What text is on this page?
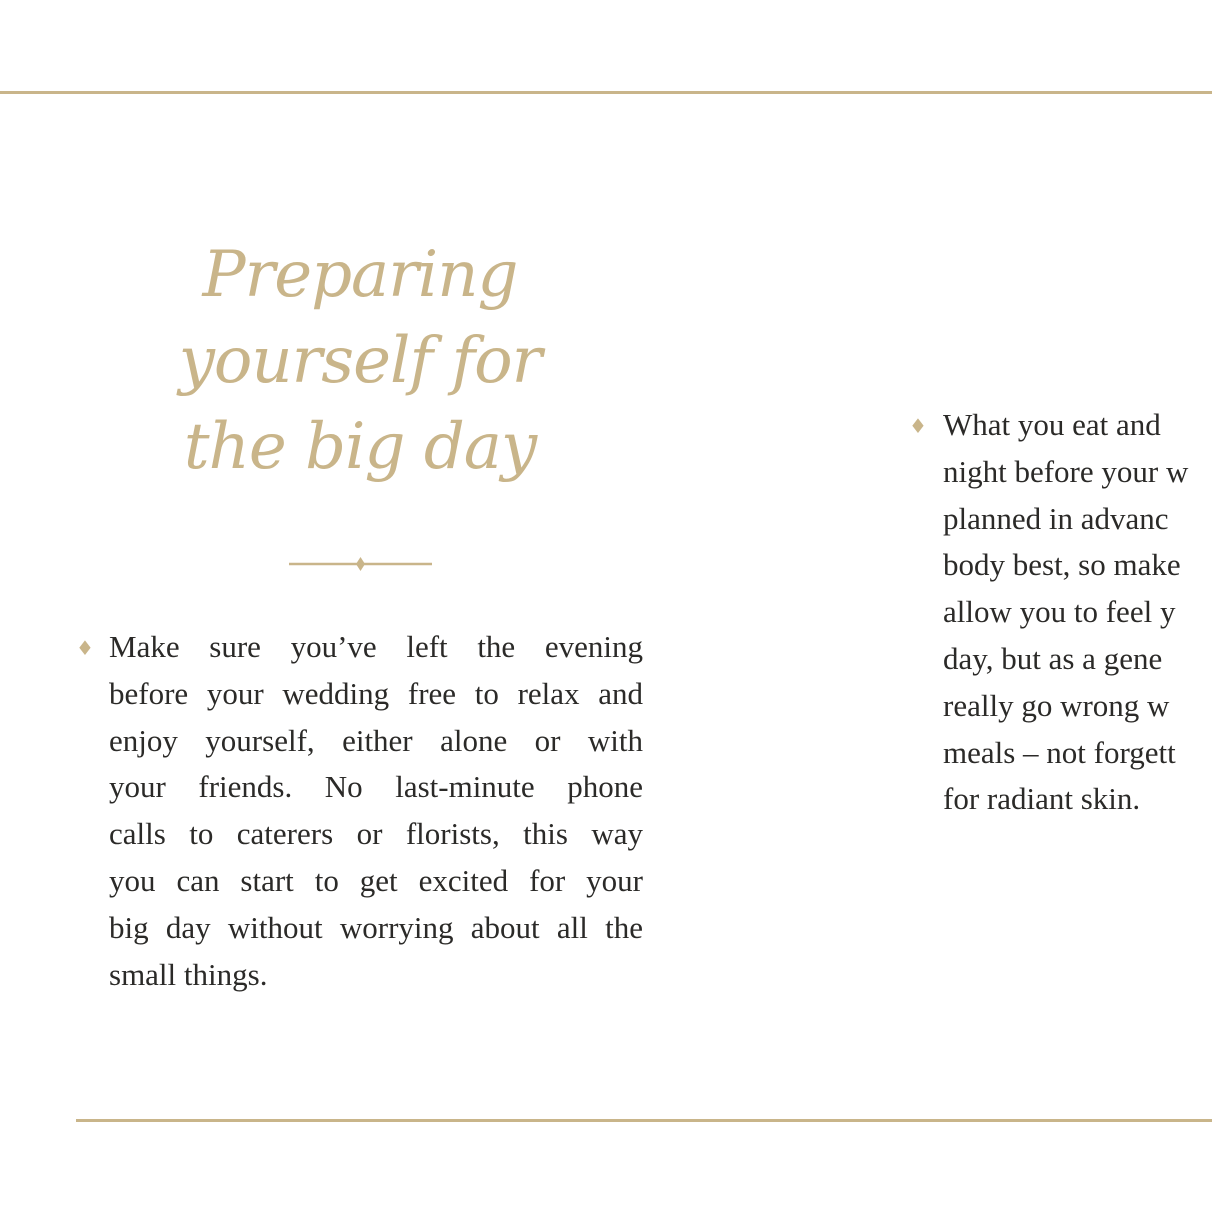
Preparing
yourself for
the big day
♦ Make sure you’ve left the evening
before your wedding free to relax and
enjoy yourself, either alone or with
your friends. No last-minute phone
calls to caterers or florists, this way
you can start to get excited for your
big day without worrying about all the
small things.
♦ What you eat and
night before your w
planned in advanc
body best, so make
allow you to feel y
day, but as a gene
really go wrong w
meals – not forgett
for radiant skin.
